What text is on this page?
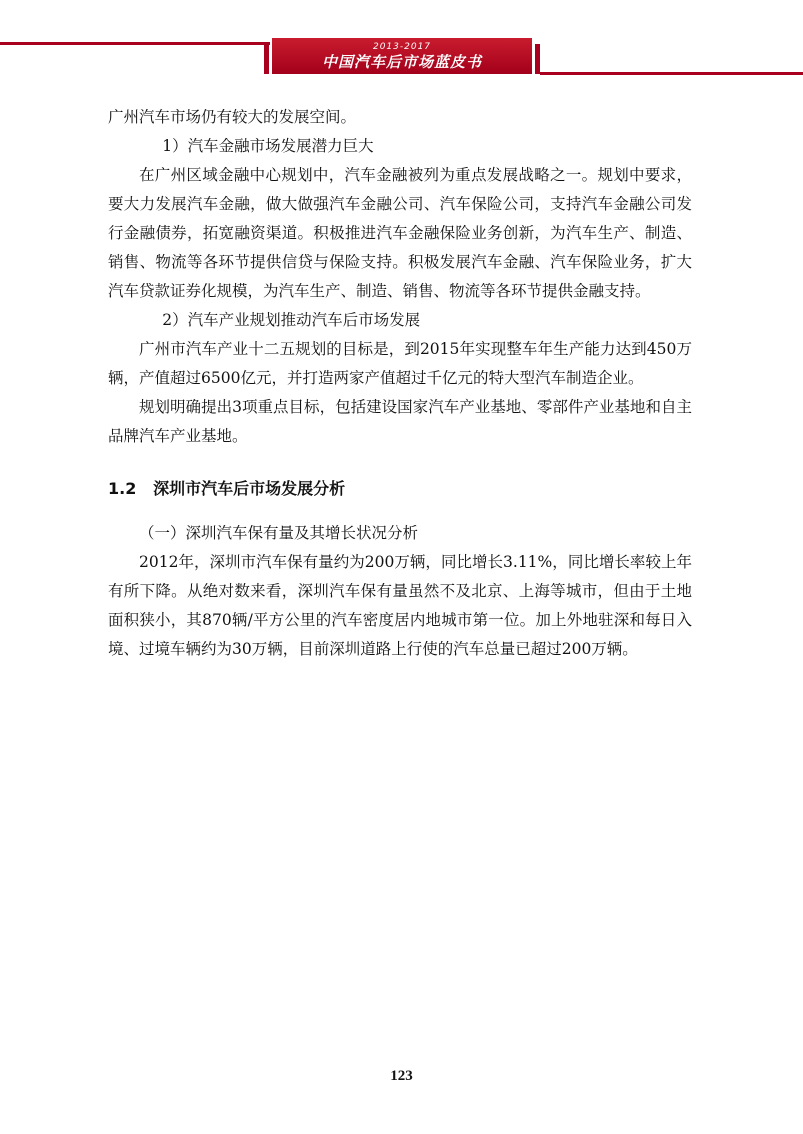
2013-2017
中国汽车后市场蓝皮书

广州汽车市场仍有较大的发展空间。

1）汽车金融市场发展潜力巨大

在广州区域金融中心规划中，汽车金融被列为重点发展战略之一。规划中要求，要大力发展汽车金融，做大做强汽车金融公司、汽车保险公司，支持汽车金融公司发行金融债券，拓宽融资渠道。积极推进汽车金融保险业务创新，为汽车生产、制造、销售、物流等各环节提供信贷与保险支持。积极发展汽车金融、汽车保险业务，扩大汽车贷款证券化规模，为汽车生产、制造、销售、物流等各环节提供金融支持。

2）汽车产业规划推动汽车后市场发展

广州市汽车产业十二五规划的目标是，到2015年实现整车年生产能力达到450万辆，产值超过6500亿元，并打造两家产值超过千亿元的特大型汽车制造企业。

规划明确提出3项重点目标，包括建设国家汽车产业基地、零部件产业基地和自主品牌汽车产业基地。

1.2 深圳市汽车后市场发展分析

（一）深圳汽车保有量及其增长状况分析

2012年，深圳市汽车保有量约为200万辆，同比增长3.11%，同比增长率较上年有所下降。从绝对数来看，深圳汽车保有量虽然不及北京、上海等城市，但由于土地面积狭小，其870辆/平方公里的汽车密度居内地城市第一位。加上外地驻深和每日入境、过境车辆约为30万辆，目前深圳道路上行使的汽车总量已超过200万辆。

123
